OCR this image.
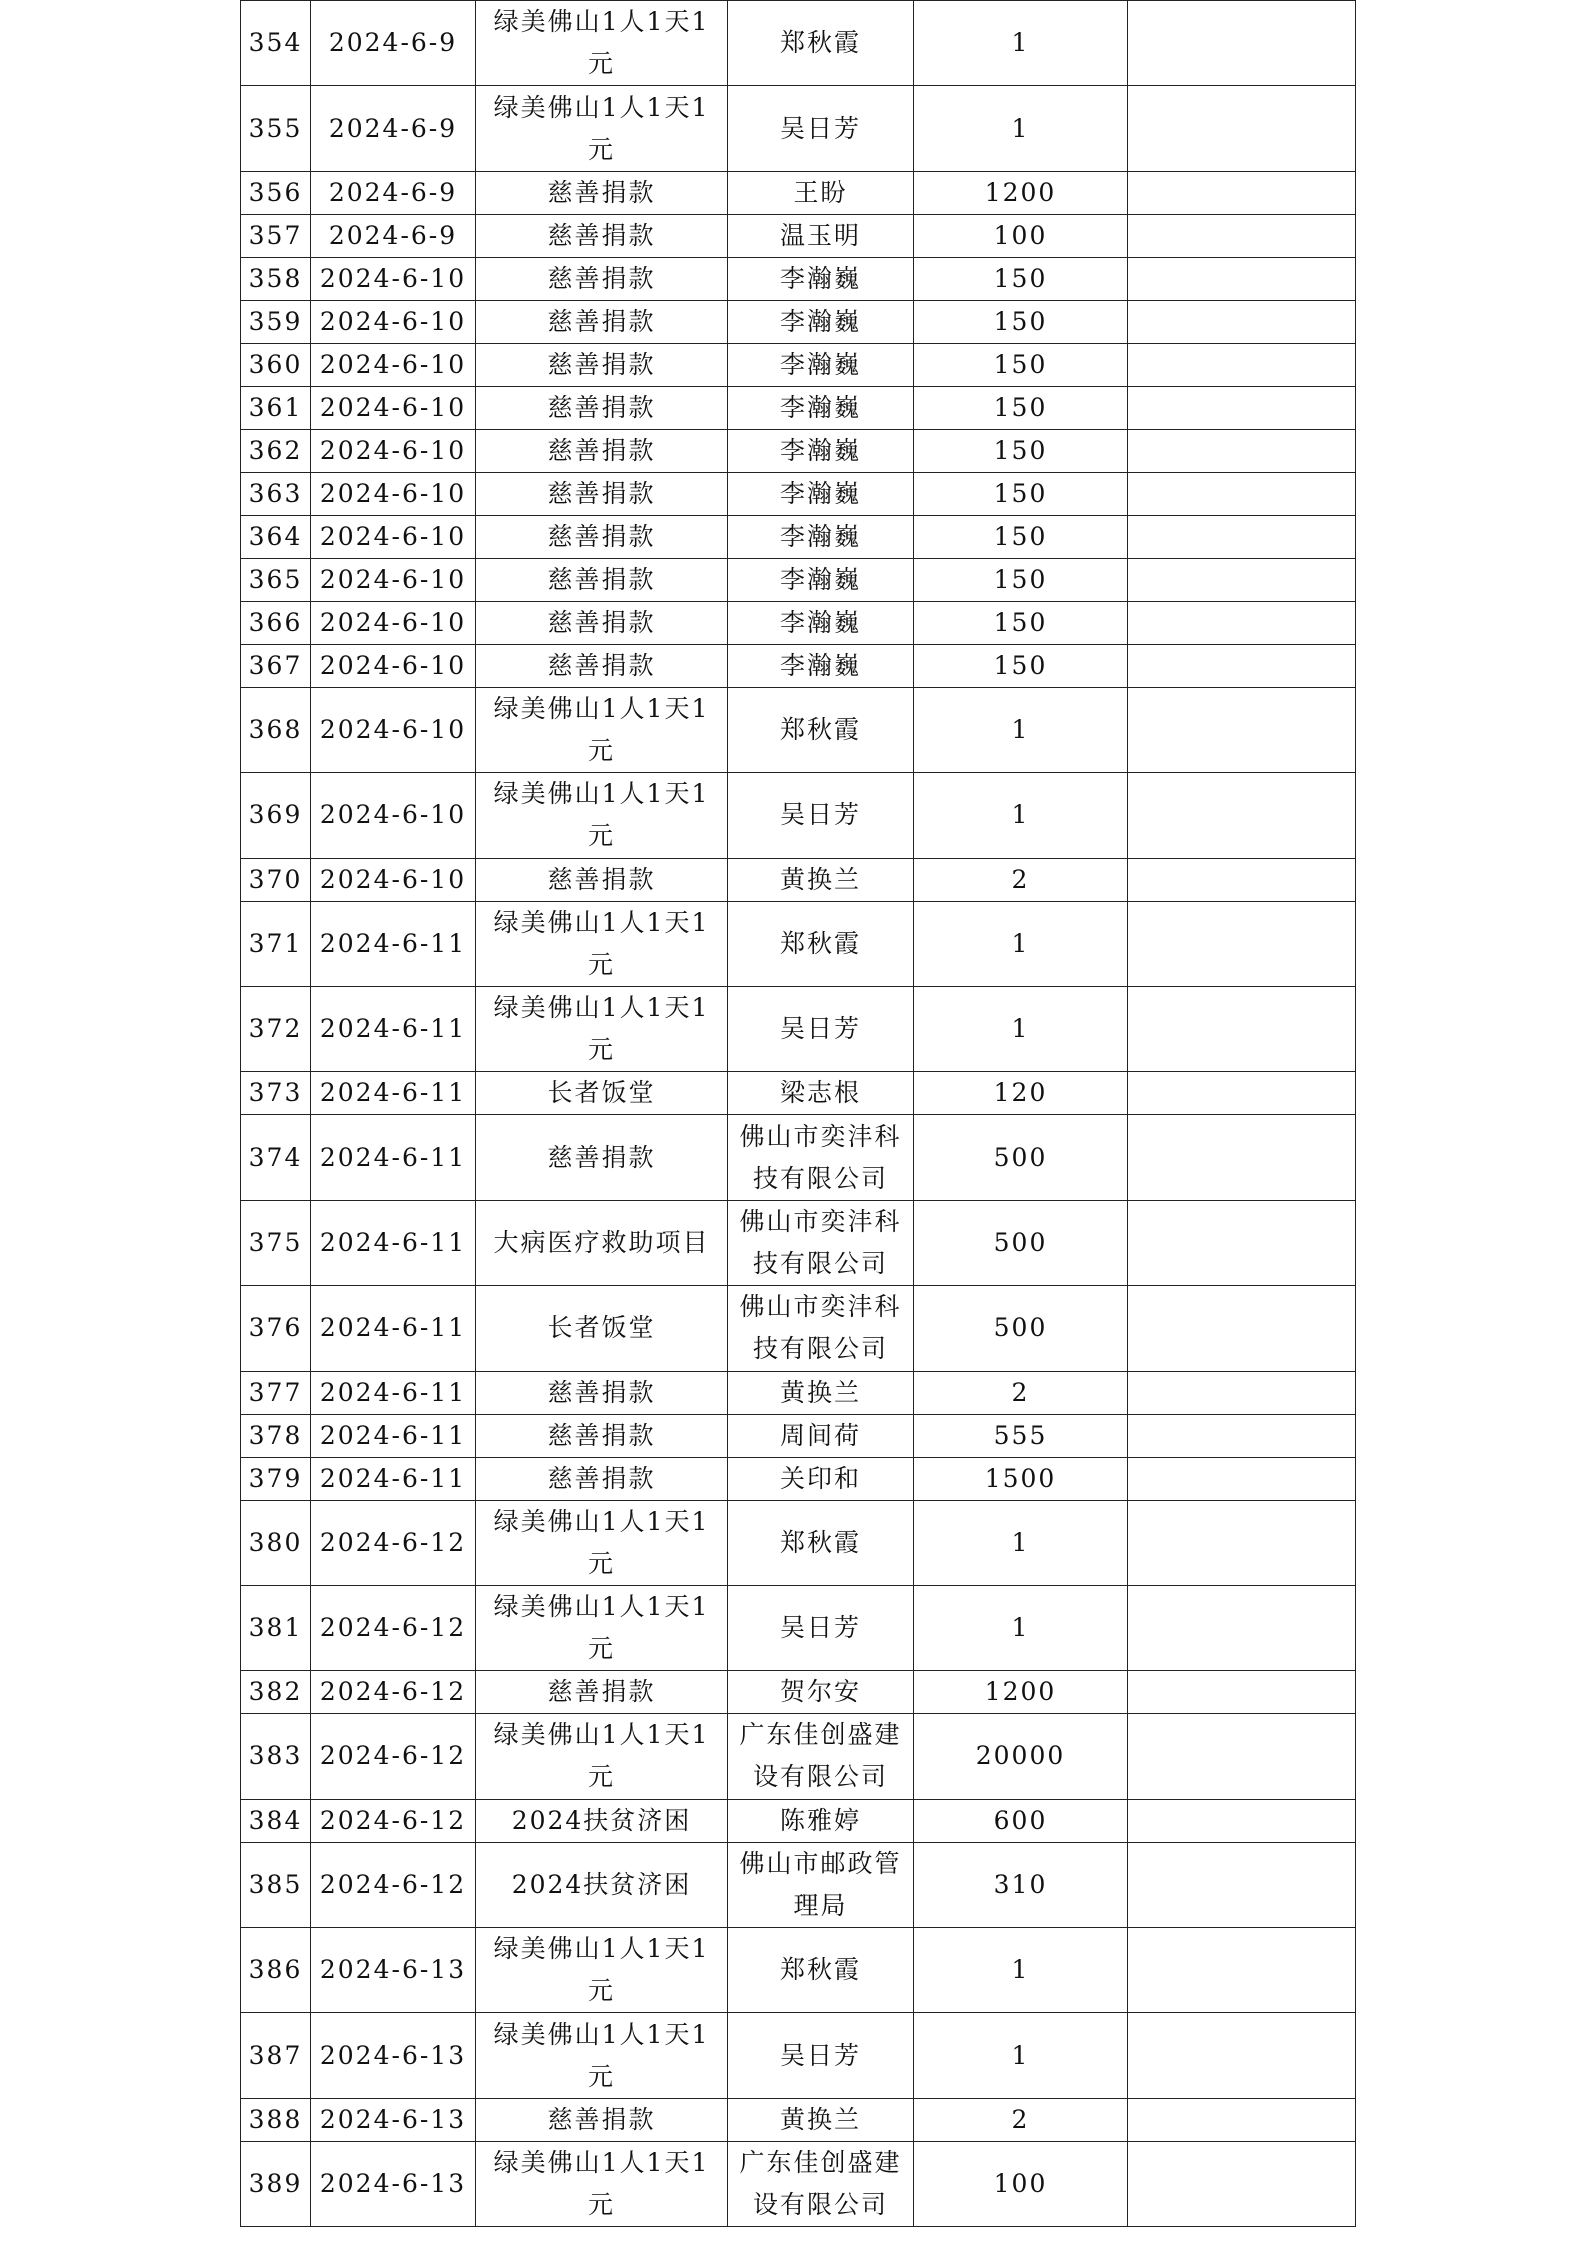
354	2024-6-9	绿美佛山1人1天1元	郑秋霞	1	
355	2024-6-9	绿美佛山1人1天1元	吴日芳	1	
356	2024-6-9	慈善捐款	王盼	1200	
357	2024-6-9	慈善捐款	温玉明	100	
358	2024-6-10	慈善捐款	李瀚巍	150	
359	2024-6-10	慈善捐款	李瀚巍	150	
360	2024-6-10	慈善捐款	李瀚巍	150	
361	2024-6-10	慈善捐款	李瀚巍	150	
362	2024-6-10	慈善捐款	李瀚巍	150	
363	2024-6-10	慈善捐款	李瀚巍	150	
364	2024-6-10	慈善捐款	李瀚巍	150	
365	2024-6-10	慈善捐款	李瀚巍	150	
366	2024-6-10	慈善捐款	李瀚巍	150	
367	2024-6-10	慈善捐款	李瀚巍	150	
368	2024-6-10	绿美佛山1人1天1元	郑秋霞	1	
369	2024-6-10	绿美佛山1人1天1元	吴日芳	1	
370	2024-6-10	慈善捐款	黄换兰	2	
371	2024-6-11	绿美佛山1人1天1元	郑秋霞	1	
372	2024-6-11	绿美佛山1人1天1元	吴日芳	1	
373	2024-6-11	长者饭堂	梁志根	120	
374	2024-6-11	慈善捐款	佛山市奕沣科技有限公司	500	
375	2024-6-11	大病医疗救助项目	佛山市奕沣科技有限公司	500	
376	2024-6-11	长者饭堂	佛山市奕沣科技有限公司	500	
377	2024-6-11	慈善捐款	黄换兰	2	
378	2024-6-11	慈善捐款	周间荷	555	
379	2024-6-11	慈善捐款	关印和	1500	
380	2024-6-12	绿美佛山1人1天1元	郑秋霞	1	
381	2024-6-12	绿美佛山1人1天1元	吴日芳	1	
382	2024-6-12	慈善捐款	贺尔安	1200	
383	2024-6-12	绿美佛山1人1天1元	广东佳创盛建设有限公司	20000	
384	2024-6-12	2024扶贫济困	陈雅婷	600	
385	2024-6-12	2024扶贫济困	佛山市邮政管理局	310	
386	2024-6-13	绿美佛山1人1天1元	郑秋霞	1	
387	2024-6-13	绿美佛山1人1天1元	吴日芳	1	
388	2024-6-13	慈善捐款	黄换兰	2	
389	2024-6-13	绿美佛山1人1天1元	广东佳创盛建设有限公司	100	
